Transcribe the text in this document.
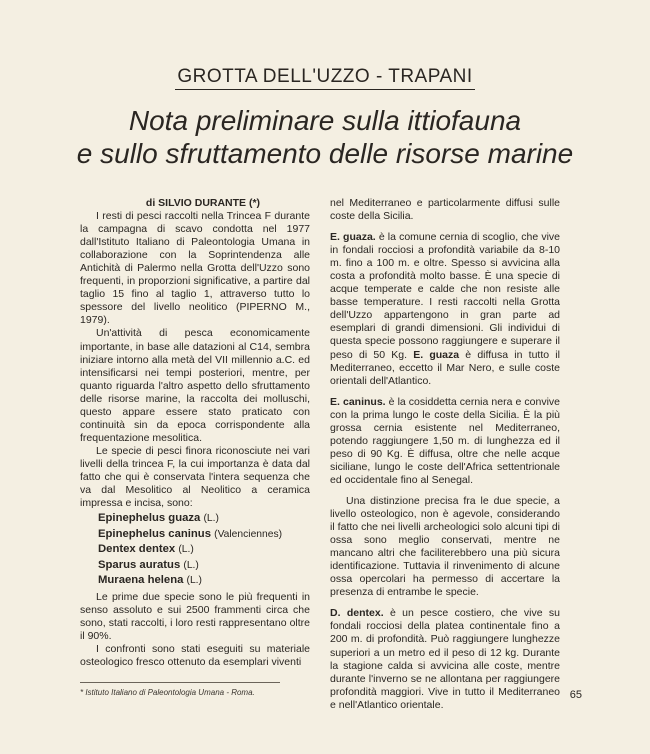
GROTTA DELL'UZZO - TRAPANI
Nota preliminare sulla ittiofauna
e sullo sfruttamento delle risorse marine

di SILVIO DURANTE (*)

I resti di pesci raccolti nella Trincea F durante la campagna di scavo condotta nel 1977 dall'Istituto Italiano di Paleontologia Umana in collaborazione con la Soprintendenza alle Antichità di Palermo nella Grotta dell'Uzzo sono frequenti, in proporzioni significative, a partire dal taglio 15 fino al taglio 1, attraverso tutto lo spessore del livello neolitico (PIPERNO M., 1979).

Un'attività di pesca economicamente importante, in base alle datazioni al C14, sembra iniziare intorno alla metà del VII millennio a.C. ed intensificarsi nei tempi posteriori, mentre, per quanto riguarda l'altro aspetto dello sfruttamento delle risorse marine, la raccolta dei molluschi, questo appare essere stato praticato con continuità sin da epoca corrispondente alla frequentazione mesolitica.

Le specie di pesci finora riconosciute nei vari livelli della trincea F, la cui importanza è data dal fatto che qui è conservata l'intera sequenza che va dal Mesolitico al Neolitico a ceramica impressa e incisa, sono:

Epinephelus guaza (L.)
Epinephelus caninus (Valenciennes)
Dentex dentex (L.)
Sparus auratus (L.)
Muraena helena (L.)

Le prime due specie sono le più frequenti in senso assoluto e sui 2500 frammenti circa che sono, stati raccolti, i loro resti rappresentano oltre il 90%.

I confronti sono stati eseguiti su materiale osteologico fresco ottenuto da esemplari viventi

nel Mediterraneo e particolarmente diffusi sulle coste della Sicilia.

E. guaza. è la comune cernia di scoglio, che vive in fondali rocciosi a profondità variabile da 8-10 m. fino a 100 m. e oltre. Spesso si avvicina alla costa a profondità molto basse. È una specie di acque temperate e calde che non resiste alle basse temperature. I resti raccolti nella Grotta dell'Uzzo appartengono in gran parte ad esemplari di grandi dimensioni. Gli individui di questa specie possono raggiungere e superare il peso di 50 Kg. E. guaza è diffusa in tutto il Mediterraneo, eccetto il Mar Nero, e sulle coste orientali dell'Atlantico.

E. caninus. è la cosiddetta cernia nera e convive con la prima lungo le coste della Sicilia. È la più grossa cernia esistente nel Mediterraneo, potendo raggiungere 1,50 m. di lunghezza ed il peso di 90 Kg. È diffusa, oltre che nelle acque siciliane, lungo le coste dell'Africa settentrionale ed occidentale fino al Senegal.

Una distinzione precisa fra le due specie, a livello osteologico, non è agevole, considerando il fatto che nei livelli archeologici solo alcuni tipi di ossa sono meglio conservati, mentre ne mancano altri che faciliterebbero una più sicura identificazione. Tuttavia il rinvenimento di alcune ossa opercolari ha permesso di accertare la presenza di entrambe le specie.

D. dentex. è un pesce costiero, che vive su fondali rocciosi della platea continentale fino a 200 m. di profondità. Può raggiungere lunghezze superiori a un metro ed il peso di 12 kg. Durante la stagione calda si avvicina alle coste, mentre durante l'inverno se ne allontana per raggiungere profondità maggiori. Vive in tutto il Mediterraneo e nell'Atlantico orientale.

* Istituto Italiano di Paleontologia Umana - Roma.	65
